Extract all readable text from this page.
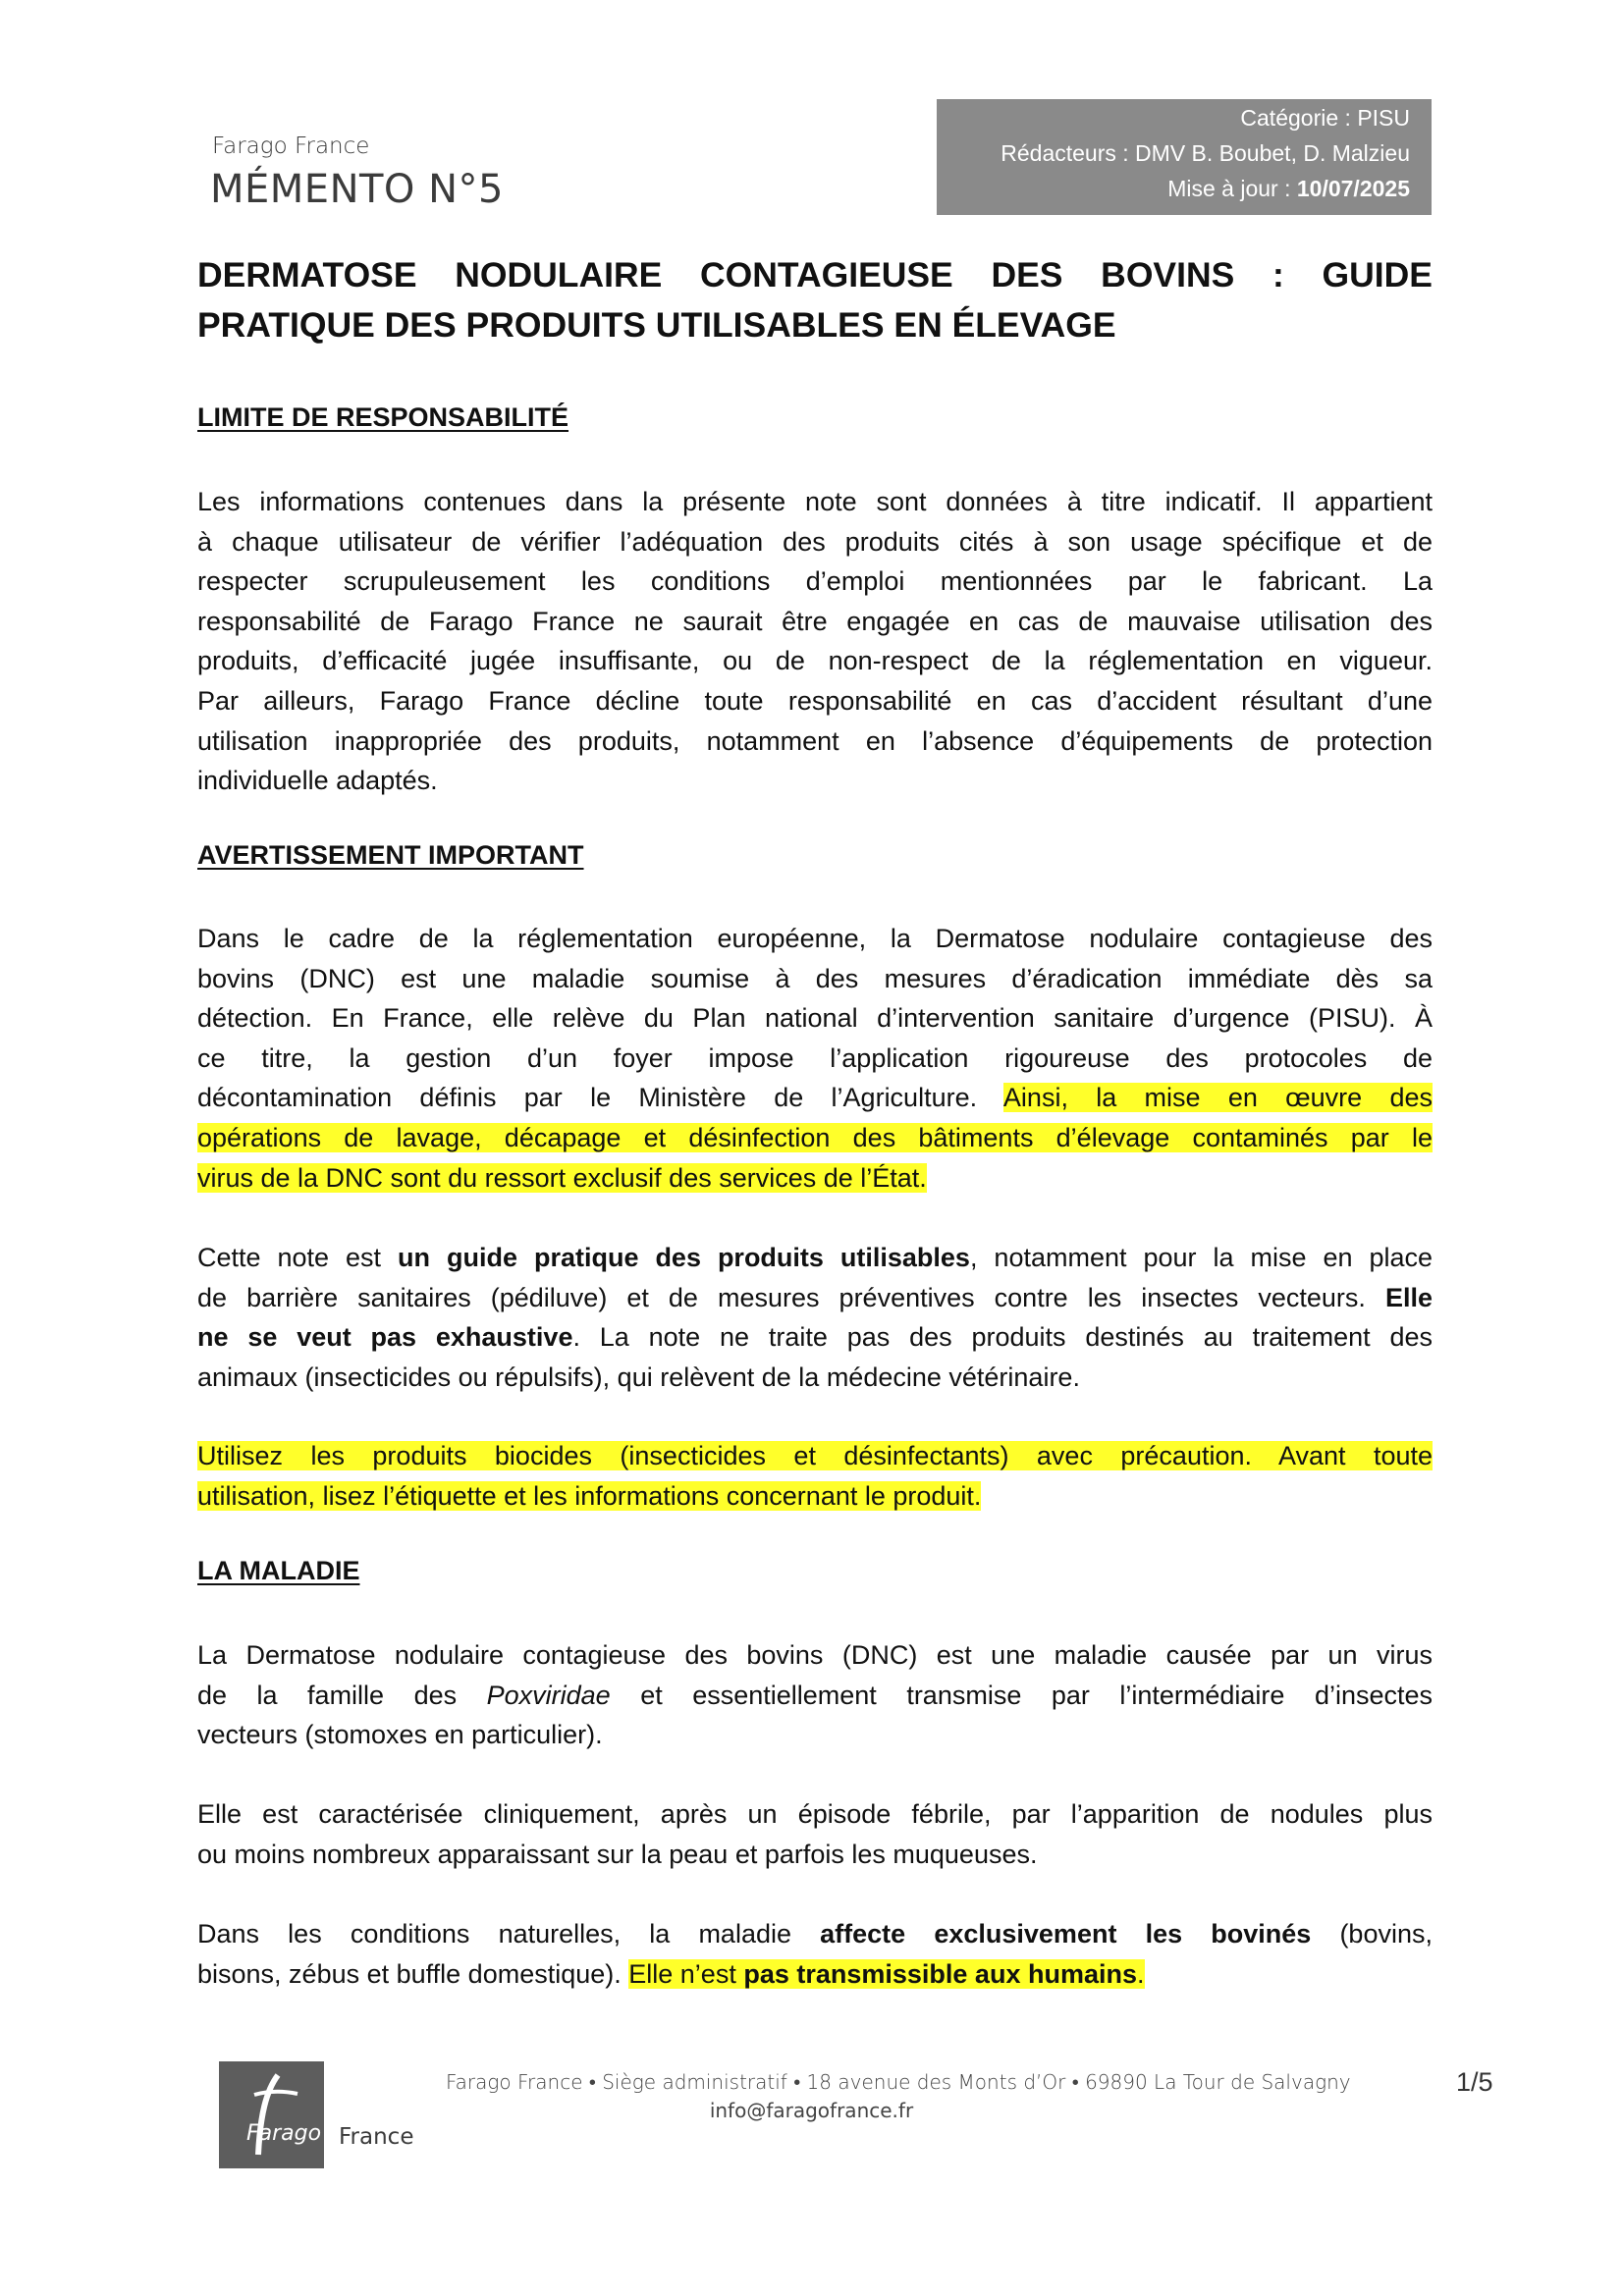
Farago France
MÉMENTO N°5
Catégorie : PISU
Rédacteurs : DMV B. Boubet, D. Malzieu
Mise à jour : 10/07/2025
DERMATOSE NODULAIRE CONTAGIEUSE DES BOVINS : GUIDE
PRATIQUE DES PRODUITS UTILISABLES EN ÉLEVAGE
LIMITE DE RESPONSABILITÉ
Les informations contenues dans la présente note sont données à titre indicatif. Il appartient
à chaque utilisateur de vérifier l’adéquation des produits cités à son usage spécifique et de
respecter scrupuleusement les conditions d’emploi mentionnées par le fabricant. La
responsabilité de Farago France ne saurait être engagée en cas de mauvaise utilisation des
produits, d’efficacité jugée insuffisante, ou de non-respect de la réglementation en vigueur.
Par ailleurs, Farago France décline toute responsabilité en cas d’accident résultant d’une
utilisation inappropriée des produits, notamment en l’absence d’équipements de protection
individuelle adaptés.
AVERTISSEMENT IMPORTANT
Dans le cadre de la réglementation européenne, la Dermatose nodulaire contagieuse des
bovins (DNC) est une maladie soumise à des mesures d’éradication immédiate dès sa
détection. En France, elle relève du Plan national d’intervention sanitaire d’urgence (PISU). À
ce titre, la gestion d’un foyer impose l’application rigoureuse des protocoles de
décontamination définis par le Ministère de l’Agriculture. Ainsi, la mise en œuvre des
opérations de lavage, décapage et désinfection des bâtiments d’élevage contaminés par le
virus de la DNC sont du ressort exclusif des services de l’État.
Cette note est un guide pratique des produits utilisables, notamment pour la mise en place
de barrière sanitaires (pédiluve) et de mesures préventives contre les insectes vecteurs. Elle
ne se veut pas exhaustive. La note ne traite pas des produits destinés au traitement des
animaux (insecticides ou répulsifs), qui relèvent de la médecine vétérinaire.
Utilisez les produits biocides (insecticides et désinfectants) avec précaution. Avant toute
utilisation, lisez l’étiquette et les informations concernant le produit.
LA MALADIE
La Dermatose nodulaire contagieuse des bovins (DNC) est une maladie causée par un virus
de la famille des Poxviridae et essentiellement transmise par l’intermédiaire d’insectes
vecteurs (stomoxes en particulier).
Elle est caractérisée cliniquement, après un épisode fébrile, par l’apparition de nodules plus
ou moins nombreux apparaissant sur la peau et parfois les muqueuses.
Dans les conditions naturelles, la maladie affecte exclusivement les bovinés (bovins,
bisons, zébus et buffle domestique). Elle n’est pas transmissible aux humains.
Farago France
Farago France • Siège administratif • 18 avenue des Monts d’Or • 69890 La Tour de Salvagny
info@faragofrance.fr
1/5
